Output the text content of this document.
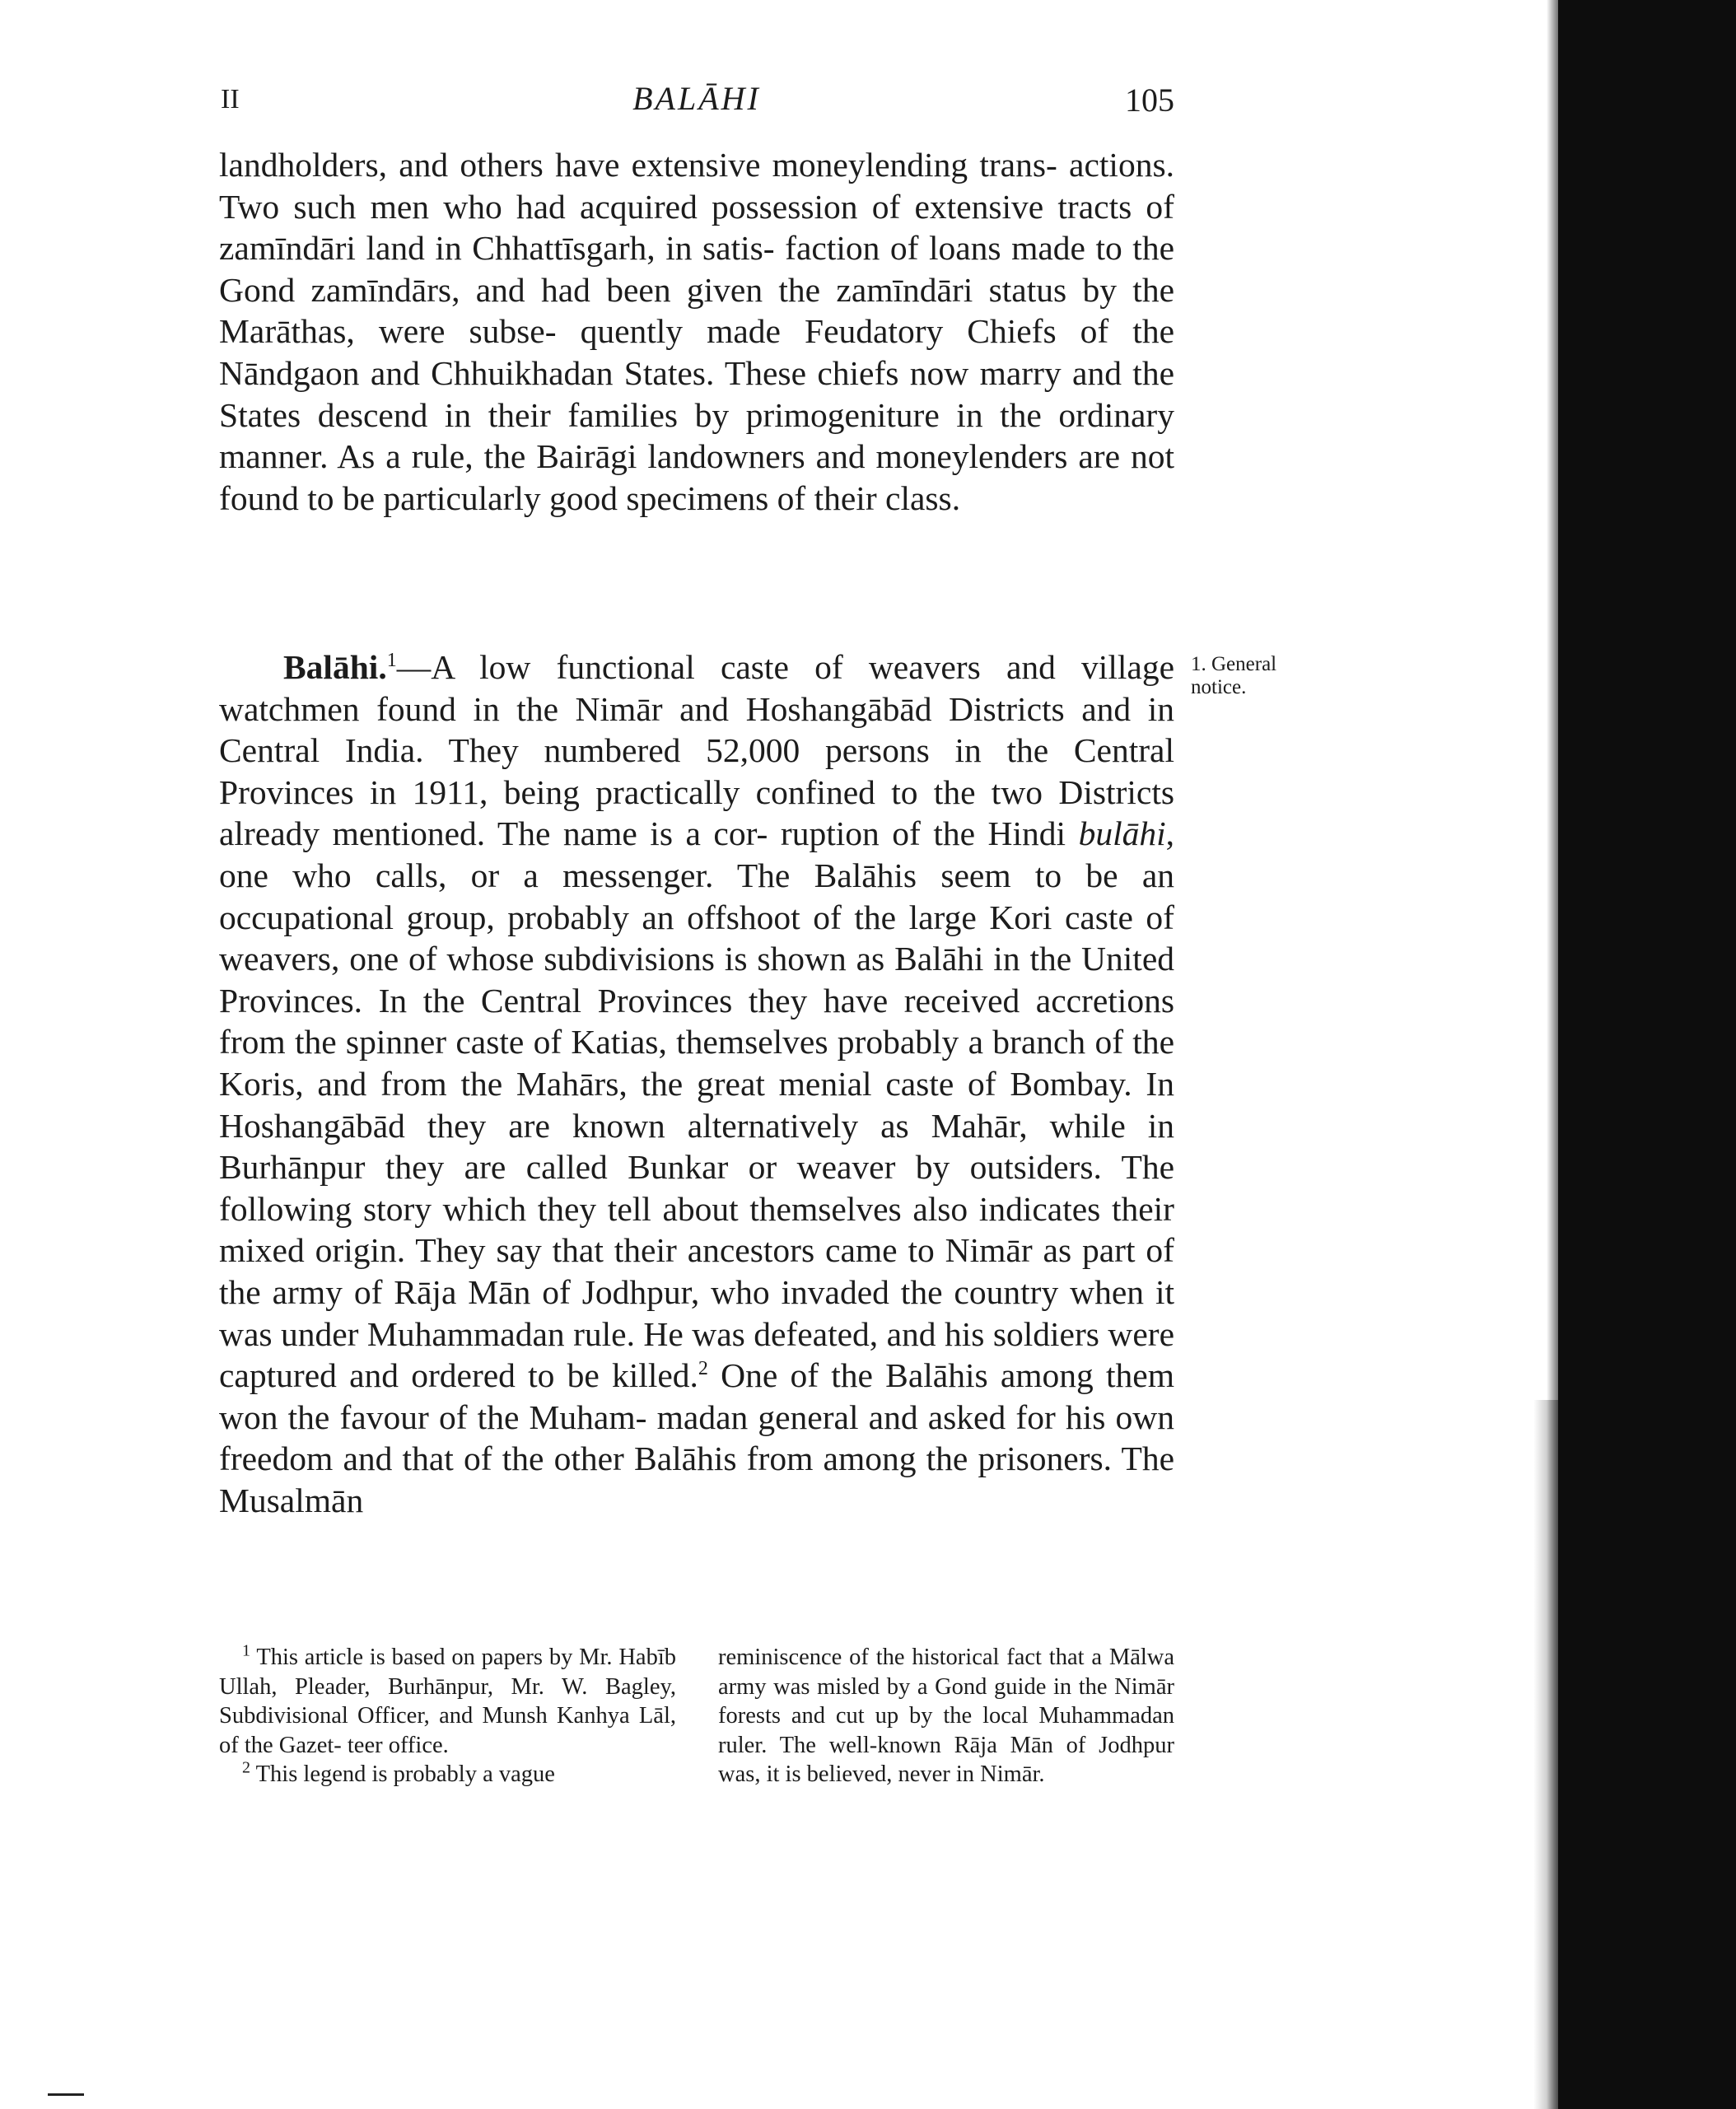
II	BALĀHI	105
landholders, and others have extensive moneylending trans- actions. Two such men who had acquired possession of extensive tracts of zamīndāri land in Chhattīsgarh, in satis- faction of loans made to the Gond zamīndārs, and had been given the zamīndāri status by the Marāthas, were subse- quently made Feudatory Chiefs of the Nāndgaon and Chhuikhadan States. These chiefs now marry and the States descend in their families by primogeniture in the ordinary manner. As a rule, the Bairāgi landowners and moneylenders are not found to be particularly good specimens of their class.
Balāhi.$^1$—A low functional caste of weavers and village watchmen found in the Nimār and Hoshangābād Districts and in Central India. They numbered 52,000 persons in the Central Provinces in 1911, being practically confined to the two Districts already mentioned. The name is a cor- ruption of the Hindi bulāhi, one who calls, or a messenger. The Balāhis seem to be an occupational group, probably an offshoot of the large Kori caste of weavers, one of whose subdivisions is shown as Balāhi in the United Provinces. In the Central Provinces they have received accretions from the spinner caste of Katias, themselves probably a branch of the Koris, and from the Mahārs, the great menial caste of Bombay. In Hoshangābād they are known alternatively as Mahār, while in Burhānpur they are called Bunkar or weaver by outsiders. The following story which they tell about themselves also indicates their mixed origin. They say that their ancestors came to Nimār as part of the army of Rāja Mān of Jodhpur, who invaded the country when it was under Muhammadan rule. He was defeated, and his soldiers were captured and ordered to be killed.$^2$ One of the Balāhis among them won the favour of the Muham- madan general and asked for his own freedom and that of the other Balāhis from among the prisoners. The Musalmān
1. General
notice.
$^1$ This article is based on papers by Mr. Habīb Ullah, Pleader, Burhānpur, Mr. W. Bagley, Subdivisional Officer, and Munsh Kanhya Lāl, of the Gazet- teer office.
$^2$ This legend is probably a vague
reminiscence of the historical fact that a Mālwa army was misled by a Gond guide in the Nimār forests and cut up by the local Muhammadan ruler. The well-known Rāja Mān of Jodhpur was, it is believed, never in Nimār.
